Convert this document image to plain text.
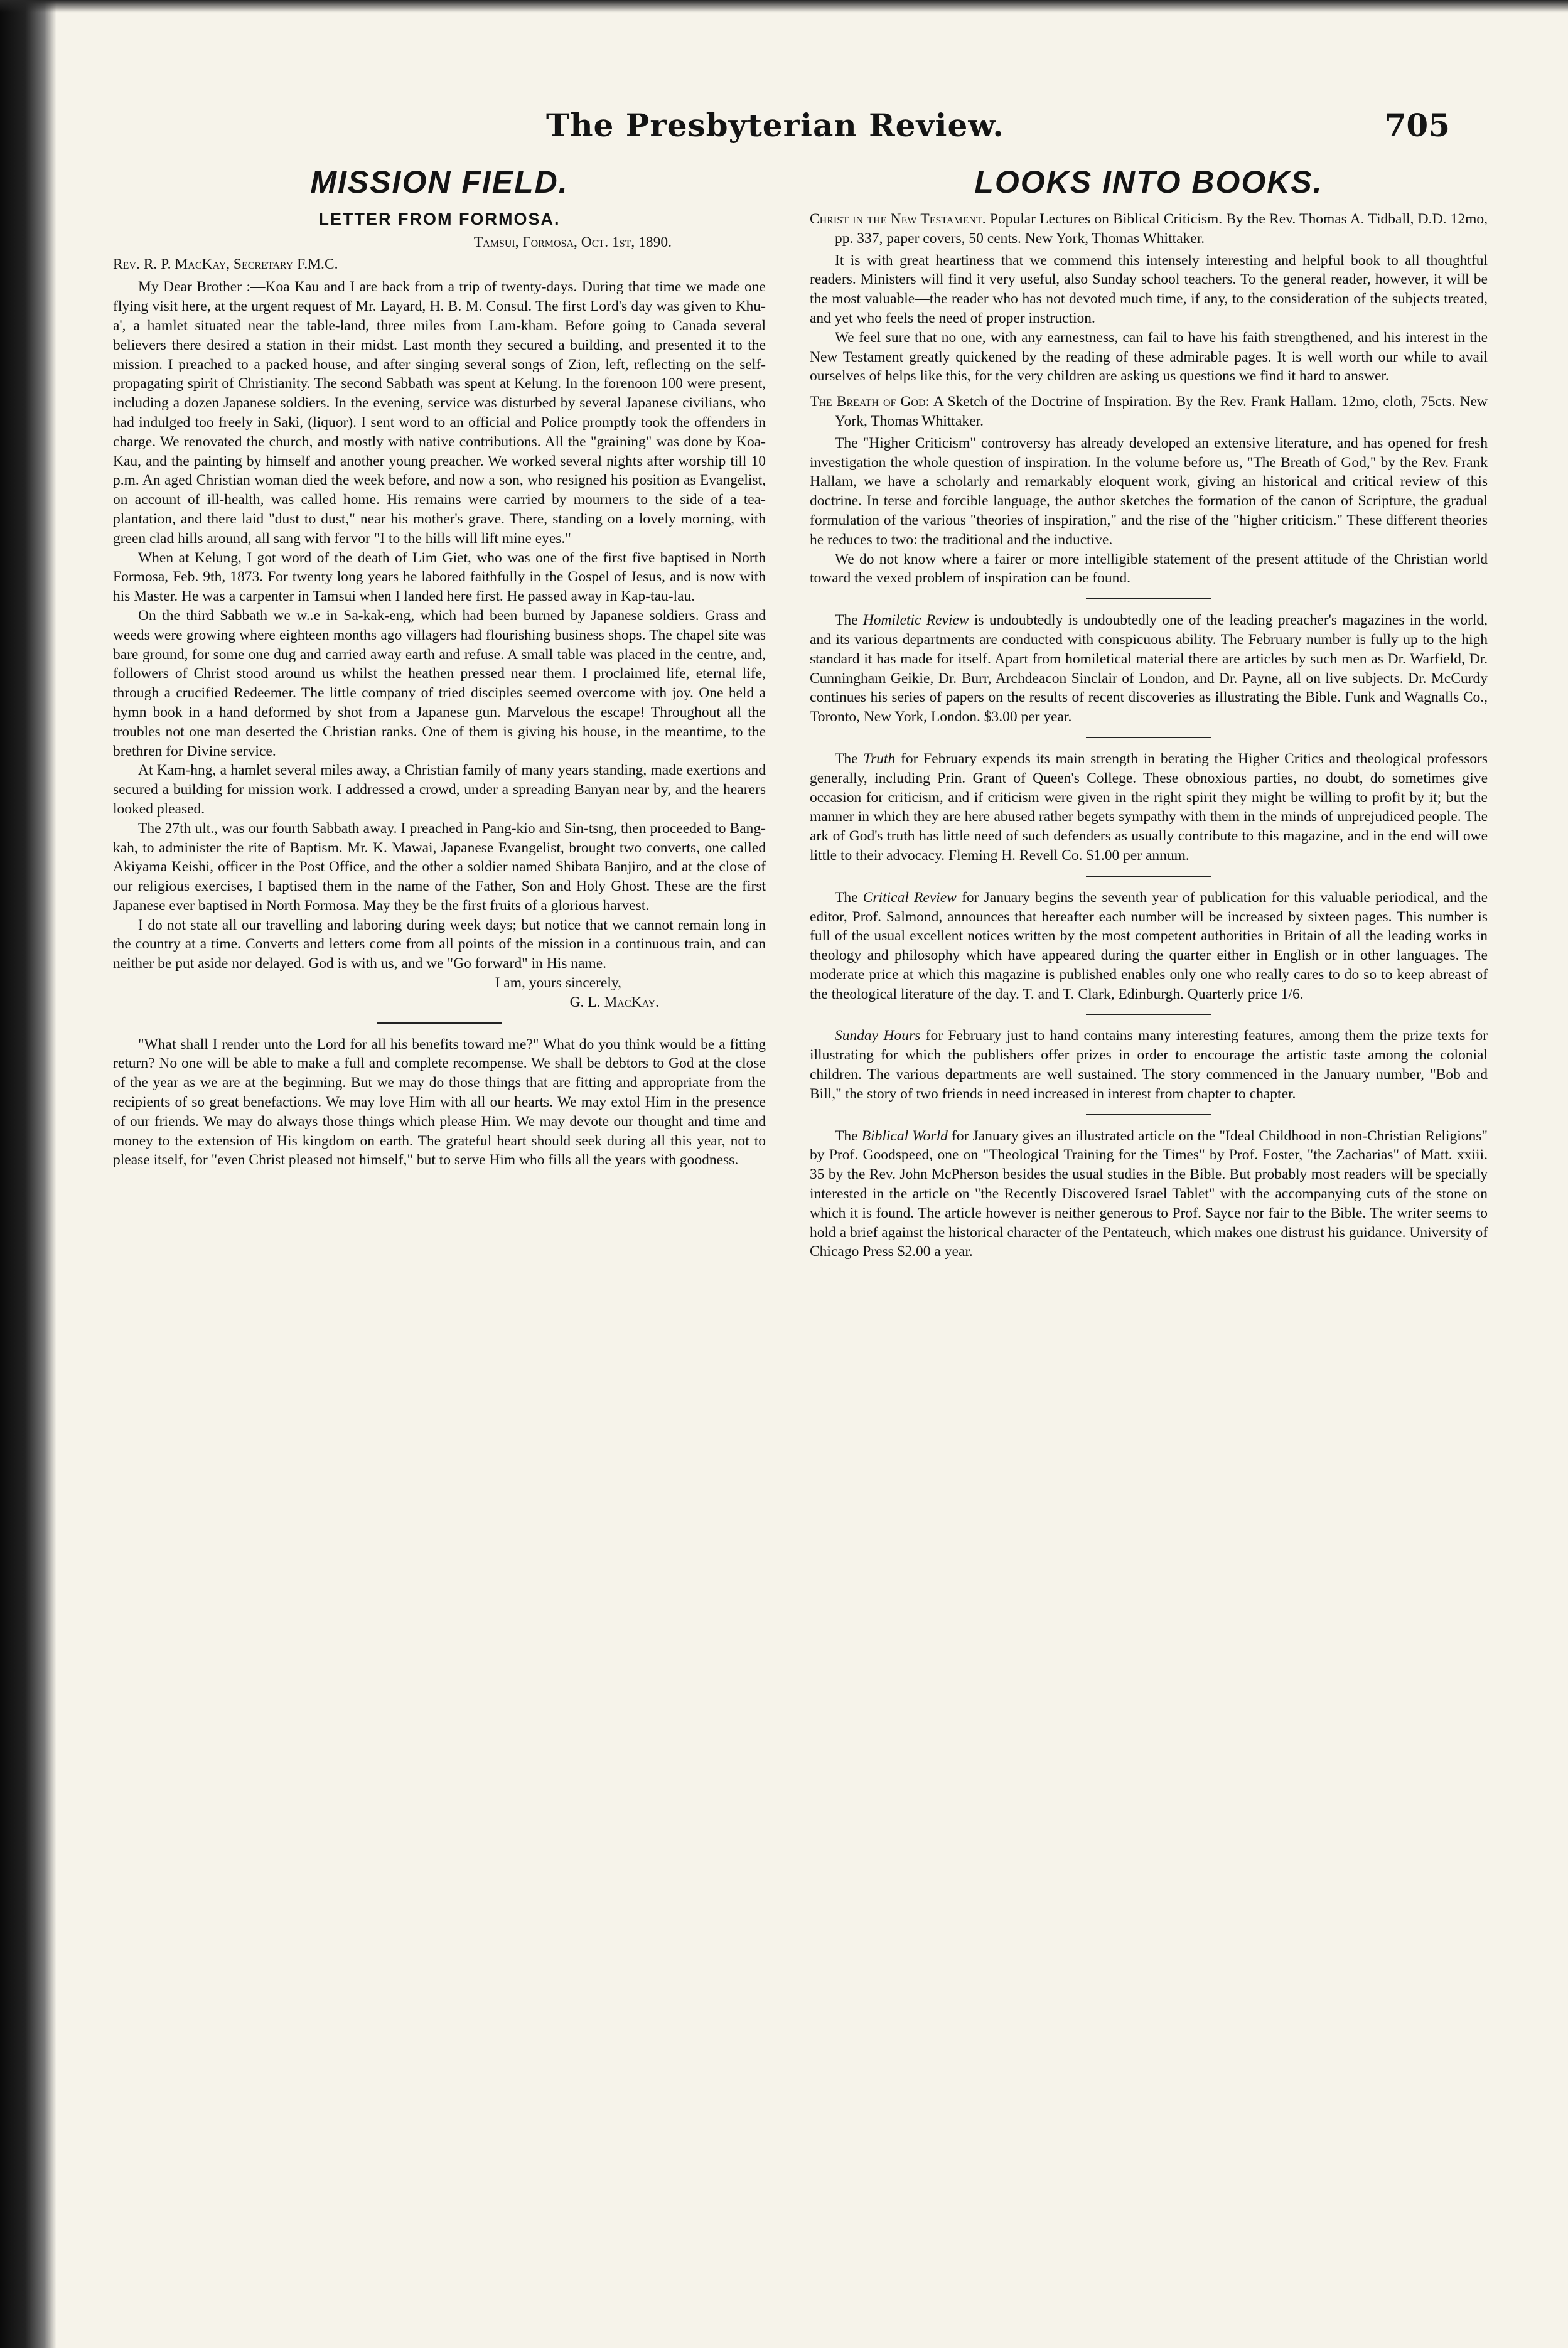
The Presbyterian Review.	705
MISSION FIELD.
LETTER FROM FORMOSA.
Tamsui, Formosa, Oct. 1st, 1890.
Rev. R. P. MacKay, Secretary F.M.C.

My Dear Brother :—Koa Kau and I are back from a trip of twenty-days. During that time we made one flying visit here, at the urgent request of Mr. Layard, H. B. M. Consul. The first Lord's day was given to Khu-a', a hamlet situated near the table-land, three miles from Lam-kham. Before going to Canada several believers there desired a station in their midst. Last month they secured a building, and presented it to the mission. I preached to a packed house, and after singing several songs of Zion, left, reflecting on the self-propagating spirit of Christianity. The second Sabbath was spent at Kelung. In the forenoon 100 were present, including a dozen Japanese soldiers. In the evening, service was disturbed by several Japanese civilians, who had indulged too freely in Saki, (liquor). I sent word to an official and Police promptly took the offenders in charge. We renovated the church, and mostly with native contributions. All the "graining" was done by Koa-Kau, and the painting by himself and another young preacher. We worked several nights after worship till 10 p.m. An aged Christian woman died the week before, and now a son, who resigned his position as Evangelist, on account of ill-health, was called home. His remains were carried by mourners to the side of a tea-plantation, and there laid "dust to dust," near his mother's grave. There, standing on a lovely morning, with green clad hills around, all sang with fervor "I to the hills will lift mine eyes."

When at Kelung, I got word of the death of Lim Giet, who was one of the first five baptised in North Formosa, Feb. 9th, 1873. For twenty long years he labored faithfully in the Gospel of Jesus, and is now with his Master. He was a carpenter in Tamsui when I landed here first. He passed away in Kap-tau-lau.

On the third Sabbath we w..e in Sa-kak-eng, which had been burned by Japanese soldiers. Grass and weeds were growing where eighteen months ago villagers had flourishing business shops. The chapel site was bare ground, for some one dug and carried away earth and refuse. A small table was placed in the centre, and, followers of Christ stood around us whilst the heathen pressed near them. I proclaimed life, eternal life, through a crucified Redeemer. The little company of tried disciples seemed overcome with joy. One held a hymn book in a hand deformed by shot from a Japanese gun. Marvelous the escape! Throughout all the troubles not one man deserted the Christian ranks. One of them is giving his house, in the meantime, to the brethren for Divine service.

At Kam-hng, a hamlet several miles away, a Christian family of many years standing, made exertions and secured a building for mission work. I addressed a crowd, under a spreading Banyan near by, and the hearers looked pleased.

The 27th ult., was our fourth Sabbath away. I preached in Pang-kio and Sin-tsng, then proceeded to Bang-kah, to administer the rite of Baptism. Mr. K. Mawai, Japanese Evangelist, brought two converts, one called Akiyama Keishi, officer in the Post Office, and the other a soldier named Shibata Banjiro, and at the close of our religious exercises, I baptised them in the name of the Father, Son and Holy Ghost. These are the first Japanese ever baptised in North Formosa. May they be the first fruits of a glorious harvest.

I do not state all our travelling and laboring during week days; but notice that we cannot remain long in the country at a time. Converts and letters come from all points of the mission in a continuous train, and can neither be put aside nor delayed. God is with us, and we "Go forward" in His name.

I am, yours sincerely,
G. L. MacKay.

"What shall I render unto the Lord for all his benefits toward me?" What do you think would be a fitting return? No one will be able to make a full and complete recompense. We shall be debtors to God at the close of the year as we are at the beginning. But we may do those things that are fitting and appropriate from the recipients of so great benefactions. We may love Him with all our hearts. We may extol Him in the presence of our friends. We may do always those things which please Him. We may devote our thought and time and money to the extension of His kingdom on earth. The grateful heart should seek during all this year, not to please itself, for "even Christ pleased not himself," but to serve Him who fills all the years with goodness.

LOOKS INTO BOOKS.
Christ in the New Testament. Popular Lectures on Biblical Criticism. By the Rev. Thomas A. Tidball, D.D. 12mo, pp. 337, paper covers, 50 cents. New York, Thomas Whittaker.

It is with great heartiness that we commend this intensely interesting and helpful book to all thoughtful readers. Ministers will find it very useful, also Sunday school teachers. To the general reader, however, it will be the most valuable—the reader who has not devoted much time, if any, to the consideration of the subjects treated, and yet who feels the need of proper instruction.

We feel sure that no one, with any earnestness, can fail to have his faith strengthened, and his interest in the New Testament greatly quickened by the reading of these admirable pages. It is well worth our while to avail ourselves of helps like this, for the very children are asking us questions we find it hard to answer.

The Breath of God: A Sketch of the Doctrine of Inspiration. By the Rev. Frank Hallam. 12mo, cloth, 75cts. New York, Thomas Whittaker.

The "Higher Criticism" controversy has already developed an extensive literature, and has opened for fresh investigation the whole question of inspiration. In the volume before us, "The Breath of God," by the Rev. Frank Hallam, we have a scholarly and remarkably eloquent work, giving an historical and critical review of this doctrine. In terse and forcible language, the author sketches the formation of the canon of Scripture, the gradual formulation of the various "theories of inspiration," and the rise of the "higher criticism." These different theories he reduces to two: the traditional and the inductive.

We do not know where a fairer or more intelligible statement of the present attitude of the Christian world toward the vexed problem of inspiration can be found.

The Homiletic Review is undoubtedly is undoubtedly one of the leading preacher's magazines in the world, and its various departments are conducted with conspicuous ability. The February number is fully up to the high standard it has made for itself. Apart from homiletical material there are articles by such men as Dr. Warfield, Dr. Cunningham Geikie, Dr. Burr, Archdeacon Sinclair of London, and Dr. Payne, all on live subjects. Dr. McCurdy continues his series of papers on the results of recent discoveries as illustrating the Bible. Funk and Wagnalls Co., Toronto, New York, London. $3.00 per year.

The Truth for February expends its main strength in berating the Higher Critics and theological professors generally, including Prin. Grant of Queen's College. These obnoxious parties, no doubt, do sometimes give occasion for criticism, and if criticism were given in the right spirit they might be willing to profit by it; but the manner in which they are here abused rather begets sympathy with them in the minds of unprejudiced people. The ark of God's truth has little need of such defenders as usually contribute to this magazine, and in the end will owe little to their advocacy. Fleming H. Revell Co. $1.00 per annum.

The Critical Review for January begins the seventh year of publication for this valuable periodical, and the editor, Prof. Salmond, announces that hereafter each number will be increased by sixteen pages. This number is full of the usual excellent notices written by the most competent authorities in Britain of all the leading works in theology and philosophy which have appeared during the quarter either in English or in other languages. The moderate price at which this magazine is published enables only one who really cares to do so to keep abreast of the theological literature of the day. T. and T. Clark, Edinburgh. Quarterly price 1/6.

Sunday Hours for February just to hand contains many interesting features, among them the prize texts for illustrating for which the publishers offer prizes in order to encourage the artistic taste among the colonial children. The various departments are well sustained. The story commenced in the January number, "Bob and Bill," the story of two friends in need increased in interest from chapter to chapter.

The Biblical World for January gives an illustrated article on the "Ideal Childhood in non-Christian Religions" by Prof. Goodspeed, one on "Theological Training for the Times" by Prof. Foster, "the Zacharias" of Matt. xxiii. 35 by the Rev. John McPherson besides the usual studies in the Bible. But probably most readers will be specially interested in the article on "the Recently Discovered Israel Tablet" with the accompanying cuts of the stone on which it is found. The article however is neither generous to Prof. Sayce nor fair to the Bible. The writer seems to hold a brief against the historical character of the Pentateuch, which makes one distrust his guidance. University of Chicago Press $2.00 a year.
